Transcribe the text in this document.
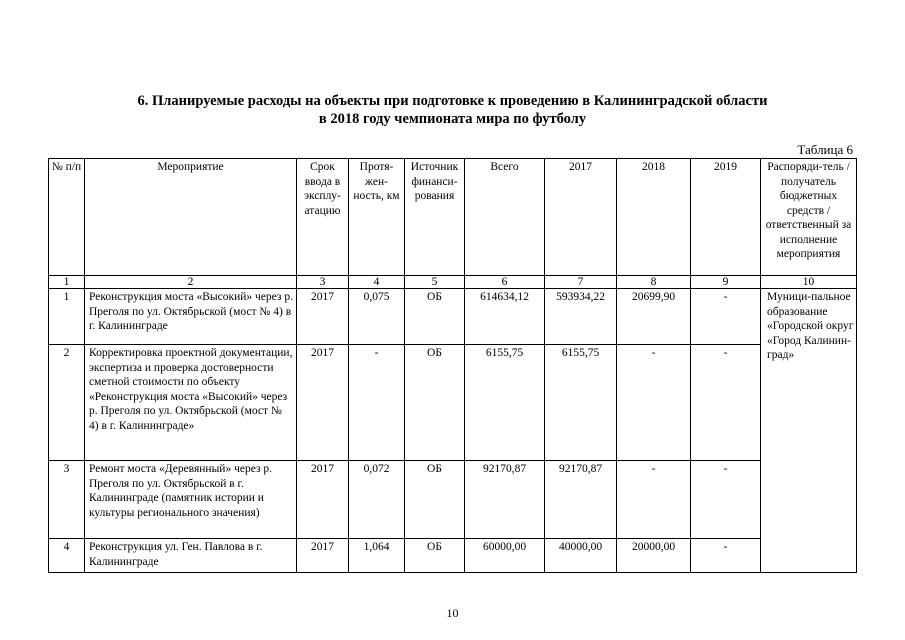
6. Планируемые расходы на объекты при подготовке к проведению в Калининградской области
в 2018 году чемпионата мира по футболу
Таблица 6
№ п/п	Мероприятие	Срок ввода в эксплу-атацию	Протя-жен-ность, км	Источник финанси-рования	Всего	2017	2018	2019	Распоряди-тель / получатель бюджетных средств / ответственный за исполнение мероприятия
1	2	3	4	5	6	7	8	9	10
1	Реконструкция моста «Высокий» через р. Преголя по ул. Октябрьской (мост № 4) в г. Калининграде	2017	0,075	ОБ	614634,12	593934,22	20699,90	-	Муници-пальное образование «Городской округ «Город Калинин-град»
2	Корректировка проектной документации, экспертиза и проверка достоверности сметной стоимости по объекту «Реконструкция моста «Высокий» через р. Преголя по ул. Октябрьской (мост № 4) в г. Калининграде»	2017	-	ОБ	6155,75	6155,75	-	-	
3	Ремонт моста «Деревянный» через р. Преголя по ул. Октябрьской в г. Калининграде (памятник истории и культуры регионального значения)	2017	0,072	ОБ	92170,87	92170,87	-	-	
4	Реконструкция ул. Ген. Павлова в г. Калининграде	2017	1,064	ОБ	60000,00	40000,00	20000,00	-	
10
